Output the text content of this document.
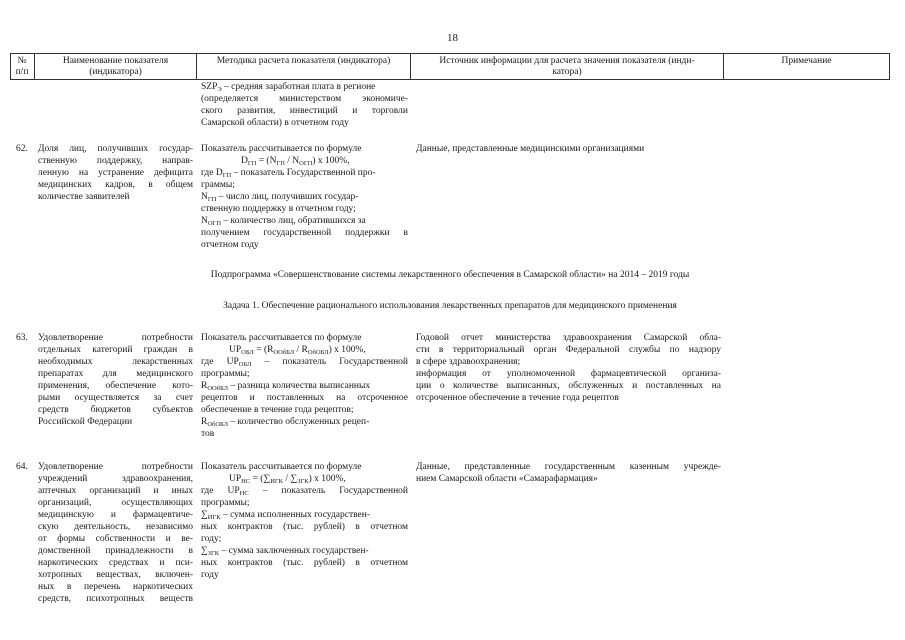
18
№
п/п
Наименование показателя
(индикатора)
Методика расчета показателя (индикатора)	Источник информации для расчета значения показателя (инди-
катора)
Примечание
$SZP_Э$ – средняя заработная плата в регионе
(определяется министерством экономиче-
ского развития, инвестиций и торговли
Самарской области) в отчетном году
62. Доля лиц, получивших государ-
ственную поддержку, направ-
ленную на устранение дефицита
медицинских кадров, в общем
количестве заявителей
Показатель рассчитывается по формуле
$D_{ГП} = (N_{ГП} / N_{ОГП})$ х 100%,
где $D_{ГП}$ – показатель Государственной про-
граммы;
$N_{ГП}$ – число лиц, получивших государ-
ственную поддержку в отчетном году;
$N_{ОГП}$ – количество лиц, обратившихся за
получением государственной поддержки в
отчетном году
Данные, представленные медицинскими организациями
Подпрограмма «Совершенствование системы лекарственного обеспечения в Самарской области» на 2014 – 2019 годы
Задача 1. Обеспечение рационального использования лекарственных препаратов для медицинского применения
63. Удовлетворение потребности
отдельных категорий граждан в
необходимых лекарственных
препаратах для медицинского
применения, обеспечение кото-
рыми осуществляется за счет
средств бюджетов субъектов
Российской Федерации
Показатель рассчитывается по формуле
$UP_{ОБЛ} = (R_{ООбБЛ} / R_{ОбОБЛ})$ х 100%,
где $UP_{ОБЛ}$ – показатель Государственной
программы;
$R_{ООбБЛ}$ – разница количества выписанных
рецептов и поставленных на отсроченное
обеспечение в течение года рецептов;
$R_{ОбОБЛ}$ – количество обслуженных рецеп-
тов
Годовой отчет министерства здравоохранения Самарской обла-
сти в территориальный орган Федеральной службы по надзору
в сфере здравоохранения;
информация от уполномоченной фармацевтической организа-
ции о количестве выписанных, обслуженных и поставленных на
отсроченное обеспечение в течение года рецептов
64. Удовлетворение потребности
учреждений здравоохранения,
аптечных организаций и иных
организаций, осуществляющих
медицинскую и фармацевтиче-
скую деятельность, независимо
от формы собственности и ве-
домственной принадлежности в
наркотических средствах и пси-
хотропных веществах, включен-
ных в перечень наркотических
средств, психотропных веществ
Показатель рассчитывается по формуле
$UP_{НС} = (\sum_{ИГК} / \sum_{ЗГК})$ х 100%,
где $UP_{НС}$ – показатель Государственной
программы;
$\sum_{ИГК}$ – сумма исполненных государствен-
ных контрактов (тыс. рублей) в отчетном
году;
$\sum_{ЗГК}$ – сумма заключенных государствен-
ных контрактов (тыс. рублей) в отчетном
году
Данные, представленные государственным казенным учрежде-
нием Самарской области «Самарафармация»
